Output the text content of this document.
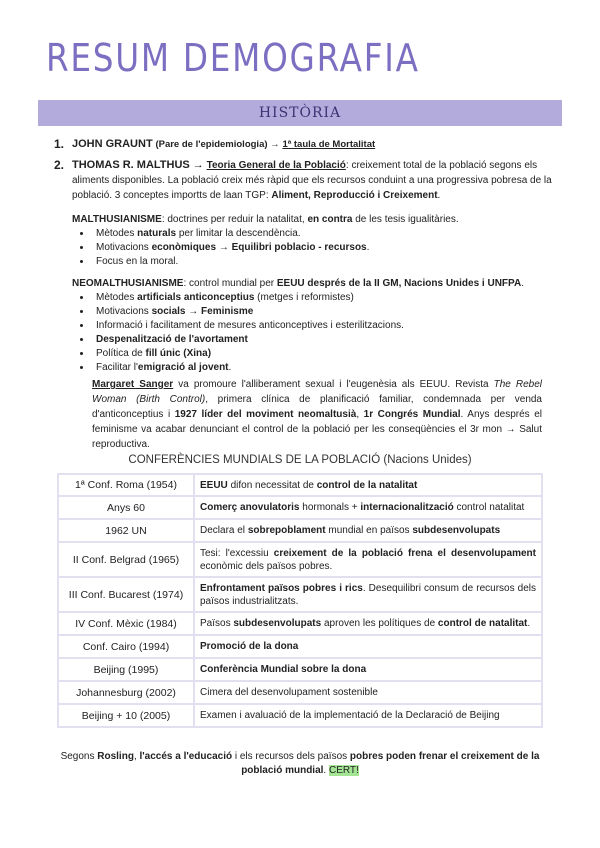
RESUM DEMOGRAFIA
HISTÒRIA
1. JOHN GRAUNT (Pare de l'epidemiologia) → 1ª taula de Mortalitat
2. THOMAS R. MALTHUS → Teoria General de la Població: creixement total de la població segons els aliments disponibles. La població creix més ràpid que els recursos conduint a una progressiva pobresa de la població. 3 conceptes importts de laan TGP: Aliment, Reproducció i Creixement.
MALTHUSIANISME: doctrines per reduir la natalitat, en contra de les tesis igualitàries.
• Mètodes naturals per limitar la descendència.
• Motivacions econòmiques → Equilibri poblacio - recursos.
• Focus en la moral.
NEOMALTHUSIANISME: control mundial per EEUU després de la II GM, Nacions Unides i UNFPA.
• Mètodes artificials anticonceptius (metges i reformistes)
• Motivacions socials → Feminisme
• Informació i facilitament de mesures anticonceptives i esterilitzacions.
• Despenalització de l'avortament
• Política de fill únic (Xina)
• Facilitar l'emigració al jovent.
Margaret Sanger va promoure l'alliberament sexual i l'eugenèsia als EEUU. Revista The Rebel Woman (Birth Control), primera clínica de planificació familiar, condemnada per venda d'anticonceptius i 1927 líder del moviment neomaltusià, 1r Congrés Mundial. Anys després el feminisme va acabar denunciant el control de la població per les conseqüències el 3r mon → Salut reproductiva.
CONFERÈNCIES MUNDIALS DE LA POBLACIÓ (Nacions Unides)
1ª Conf. Roma (1954)	EEUU difon necessitat de control de la natalitat
Anys 60	Comerç anovulatoris hormonals + internacionalització control natalitat
1962 UN	Declara el sobrepoblament mundial en països subdesenvolupats
II Conf. Belgrad (1965)	Tesi: l'excessiu creixement de la població frena el desenvolupament econòmic dels països pobres.
III Conf. Bucarest (1974)	Enfrontament països pobres i rics. Desequilibri consum de recursos dels països industrialitzats.
IV Conf. Mèxic (1984)	Països subdesenvolupats aproven les polítiques de control de natalitat.
Conf. Cairo (1994)	Promoció de la dona
Beijing (1995)	Conferència Mundial sobre la dona
Johannesburg (2002)	Cimera del desenvolupament sostenible
Beijing + 10 (2005)	Examen i avaluació de la implementació de la Declaració de Beijing
Segons Rosling, l'accés a l'educació i els recursos dels països pobres poden frenar el creixement de la població mundial. CERT!
